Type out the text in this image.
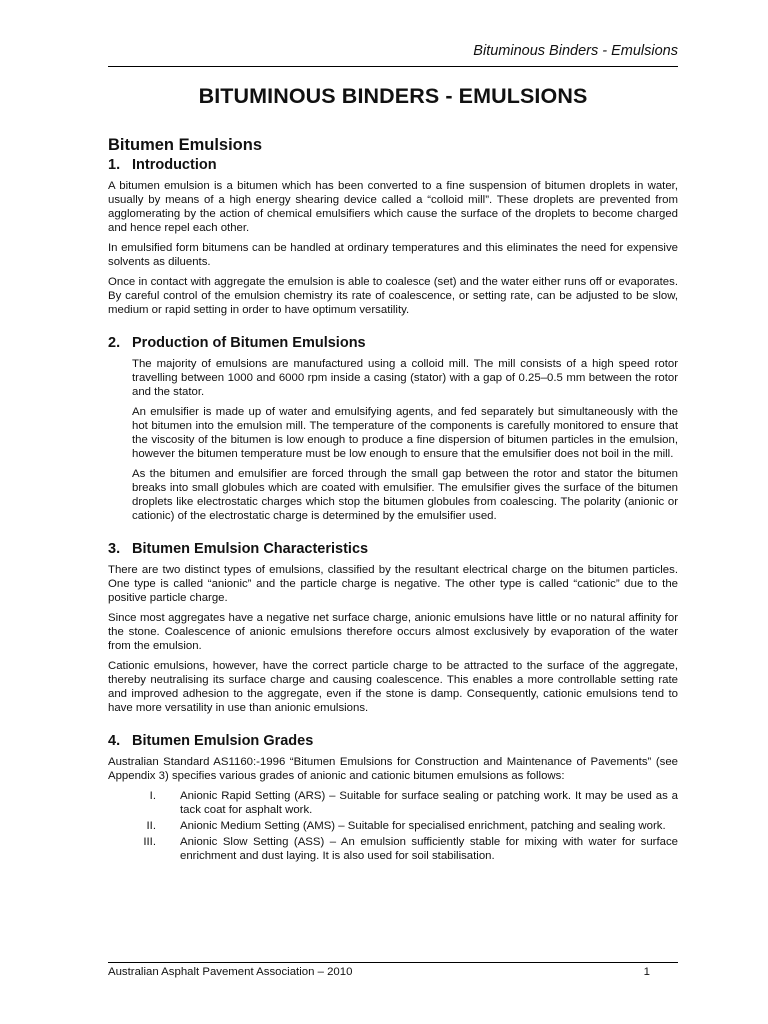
Bituminous Binders - Emulsions
BITUMINOUS BINDERS - EMULSIONS
Bitumen Emulsions
1. Introduction

A bitumen emulsion is a bitumen which has been converted to a fine suspension of bitumen droplets in water, usually by means of a high energy shearing device called a “colloid mill”. These droplets are prevented from agglomerating by the action of chemical emulsifiers which cause the surface of the droplets to become charged and hence repel each other.

In emulsified form bitumens can be handled at ordinary temperatures and this eliminates the need for expensive solvents as diluents.

Once in contact with aggregate the emulsion is able to coalesce (set) and the water either runs off or evaporates. By careful control of the emulsion chemistry its rate of coalescence, or setting rate, can be adjusted to be slow, medium or rapid setting in order to have optimum versatility.

2. Production of Bitumen Emulsions

The majority of emulsions are manufactured using a colloid mill. The mill consists of a high speed rotor travelling between 1000 and 6000 rpm inside a casing (stator) with a gap of 0.25–0.5 mm between the rotor and the stator.

An emulsifier is made up of water and emulsifying agents, and fed separately but simultaneously with the hot bitumen into the emulsion mill. The temperature of the components is carefully monitored to ensure that the viscosity of the bitumen is low enough to produce a fine dispersion of bitumen particles in the emulsion, however the bitumen temperature must be low enough to ensure that the emulsifier does not boil in the mill.

As the bitumen and emulsifier are forced through the small gap between the rotor and stator the bitumen breaks into small globules which are coated with emulsifier. The emulsifier gives the surface of the bitumen droplets like electrostatic charges which stop the bitumen globules from coalescing. The polarity (anionic or cationic) of the electrostatic charge is determined by the emulsifier used.

3. Bitumen Emulsion Characteristics

There are two distinct types of emulsions, classified by the resultant electrical charge on the bitumen particles. One type is called “anionic” and the particle charge is negative. The other type is called “cationic” due to the positive particle charge.

Since most aggregates have a negative net surface charge, anionic emulsions have little or no natural affinity for the stone. Coalescence of anionic emulsions therefore occurs almost exclusively by evaporation of the water from the emulsion.

Cationic emulsions, however, have the correct particle charge to be attracted to the surface of the aggregate, thereby neutralising its surface charge and causing coalescence. This enables a more controllable setting rate and improved adhesion to the aggregate, even if the stone is damp. Consequently, cationic emulsions tend to have more versatility in use than anionic emulsions.

4. Bitumen Emulsion Grades

Australian Standard AS1160:-1996 “Bitumen Emulsions for Construction and Maintenance of Pavements” (see Appendix 3) specifies various grades of anionic and cationic bitumen emulsions as follows:

I.	Anionic Rapid Setting (ARS) – Suitable for surface sealing or patching work. It may be used as a tack coat for asphalt work.
II.	Anionic Medium Setting (AMS) – Suitable for specialised enrichment, patching and sealing work.
III.	Anionic Slow Setting (ASS) – An emulsion sufficiently stable for mixing with water for surface enrichment and dust laying. It is also used for soil stabilisation.
Australian Asphalt Pavement Association – 2010	1
